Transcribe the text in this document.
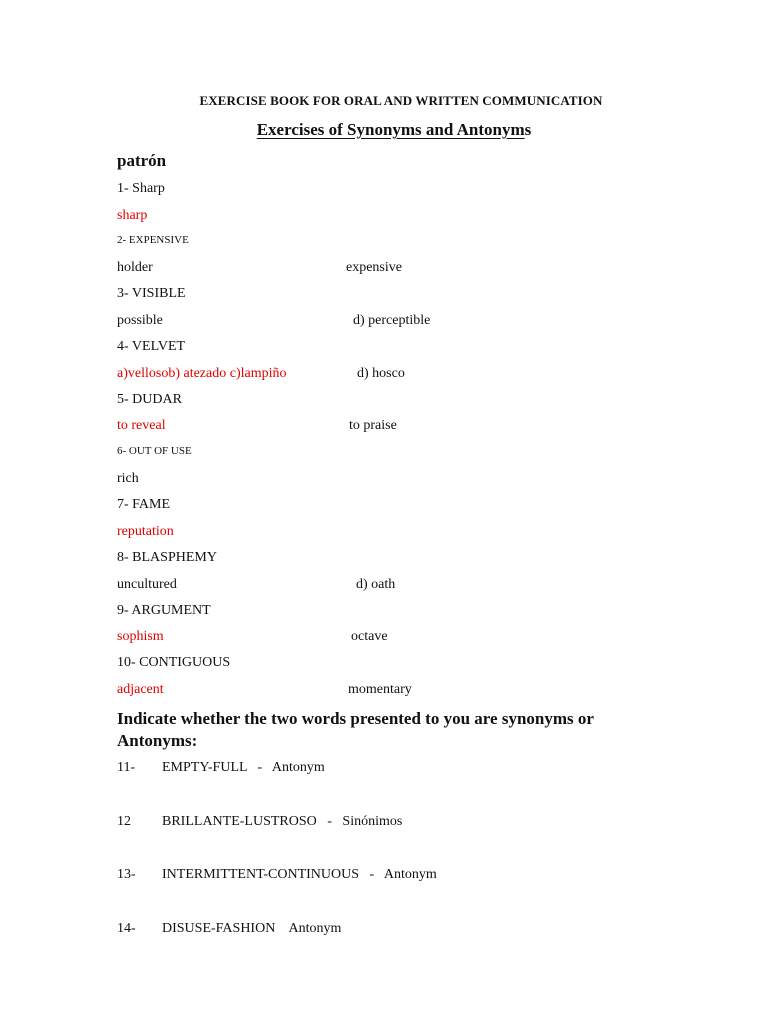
EXERCISE BOOK FOR ORAL AND WRITTEN COMMUNICATION
Exercises of Synonyms and Antonyms
patrón
1- Sharp
sharp
2- EXPENSIVE
holder	expensive
3- VISIBLE
possible	d) perceptible
4- VELVET
a)vellosob) atezado c)lampiño	d) hosco
5- DUDAR
to reveal	to praise
6- OUT OF USE
rich
7- FAME
reputation
8- BLASPHEMY
uncultured	d) oath
9- ARGUMENT
sophism	octave
10- CONTIGUOUS
adjacent	momentary
Indicate whether the two words presented to you are synonyms or
Antonyms:
11- EMPTY-FULL   -   Antonym
12 BRILLANTE-LUSTROSO   -   Sinónimos
13- INTERMITTENT-CONTINUOUS   -   Antonym
14- DISUSE-FASHION    Antonym
